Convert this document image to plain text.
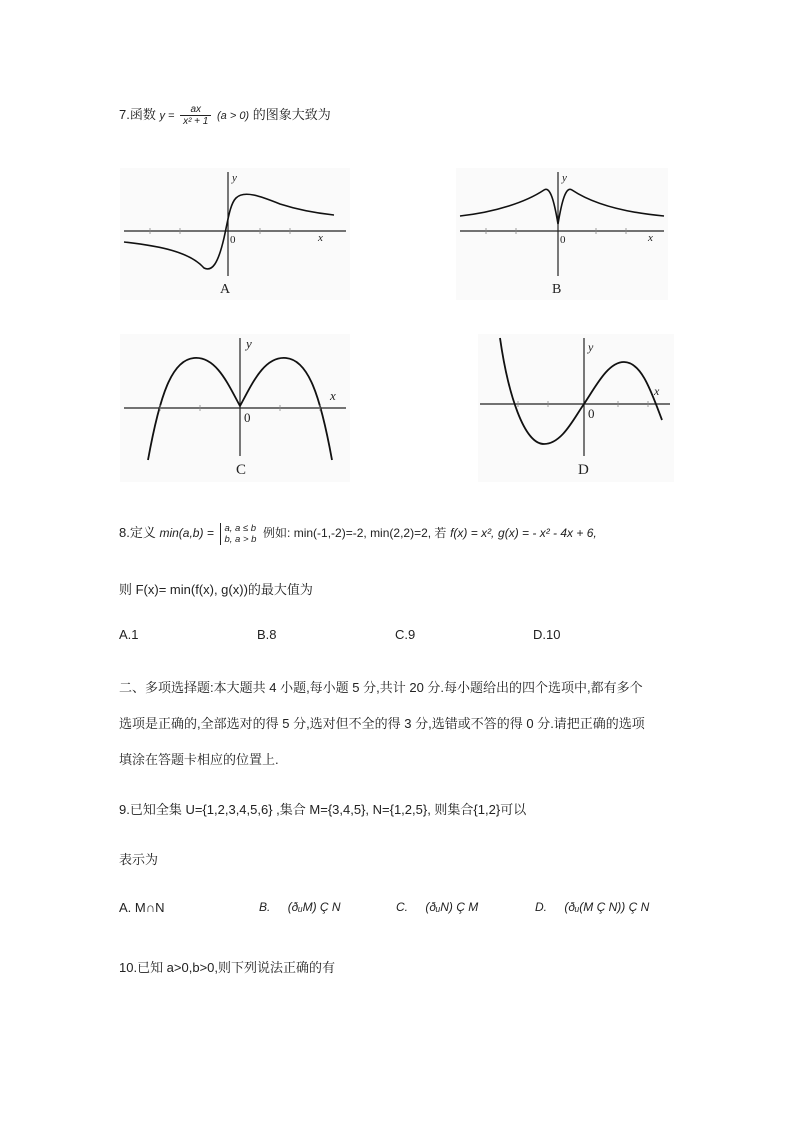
7.函数 $y = \frac{ax}{\text{x² + 1}} (a > 0)$ 的图象大致为
y
x
0
A
y
x
0
B
y
x
0
C
y
x
0
D
8.定义 min(a,b) = a, a ≤ b
b, a > b 例如: min(-1,-2)=-2, min(2,2)=2, 若 f(x) = x², g(x) = - x² - 4x + 6,
则 F(x)= min(f(x), g(x))的最大值为
A.1	B.8	C.9	D.10
二、多项选择题:本大题共 4 小题,每小题 5 分,共计 20 分.每小题给出的四个选项中,都有多个
选项是正确的,全部选对的得 5 分,选对但不全的得 3 分,选错或不答的得 0 分.请把正确的选项
填涂在答题卡相应的位置上.
9.已知全集 U={1,2,3,4,5,6} ,集合 M={3,4,5}, N={1,2,5}, 则集合{1,2}可以
表示为
A. M∩N	B. (ðᵤM) Ç N	C. (ðᵤN) Ç M	D. (ðᵤ(M Ç N)) Ç N
10.已知 a>0,b>0,则下列说法正确的有
